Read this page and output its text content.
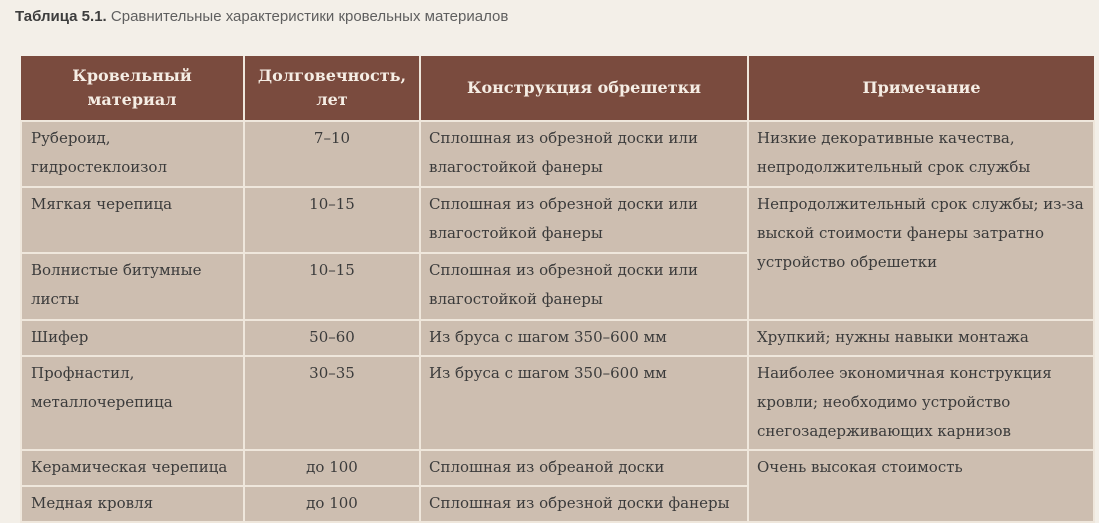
Таблица 5.1. Сравнительные характеристики кровельных материалов
Кровельный материал	Долговечность, лет	Конструкция обрешетки	Примечание
Рубероид, гидростеклоизол	7–10	Сплошная из обрезной доски или влагостойкой фанеры	Низкие декоративные качества, непродолжительный срок службы
Мягкая черепица	10–15	Сплошная из обрезной доски или влагостойкой фанеры	Непродолжительный срок службы; из-за выской стоимости фанеры затратно устройство обрешетки
Волнистые битумные листы	10–15	Сплошная из обрезной доски или влагостойкой фанеры	
Шифер	50–60	Из бруса с шагом 350–600 мм	Хрупкий; нужны навыки монтажа
Профнастил, металлочерепица	30–35	Из бруса с шагом 350–600 мм	Наиболее экономичная конструкция кровли; необходимо устройство снегозадерживающих карнизов
Керамическая черепица	до 100	Сплошная из обреаной доски	Очень высокая стоимость
Медная кровля	до 100	Сплошная из обрезной доски фанеры	
